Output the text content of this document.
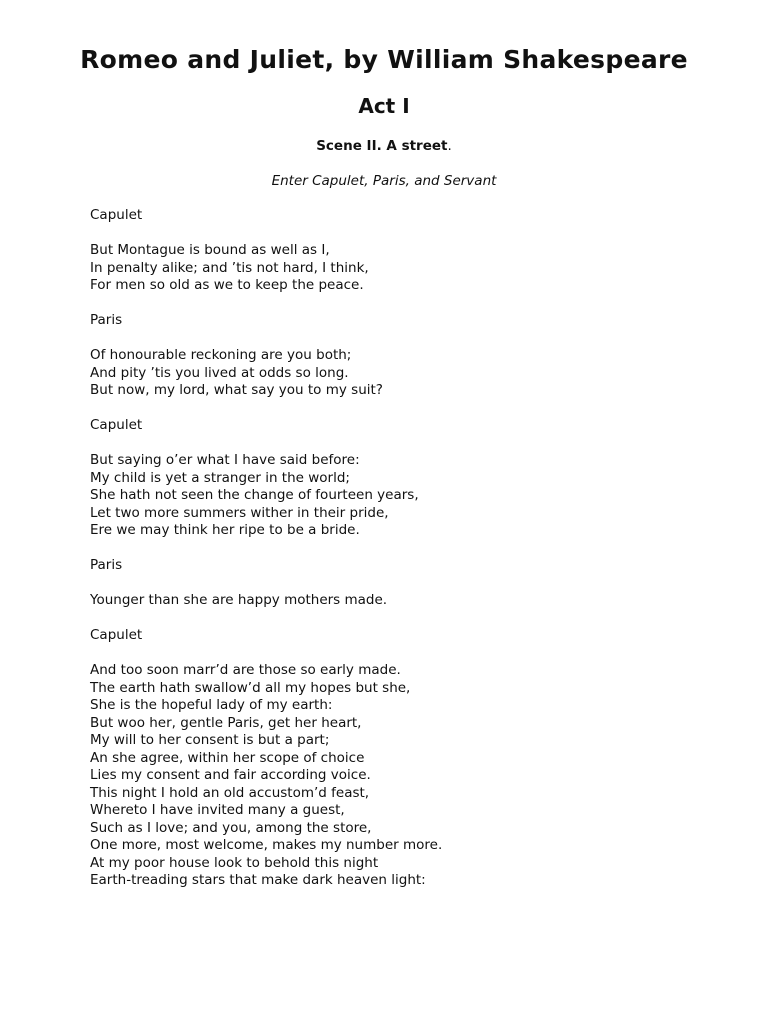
Romeo and Juliet, by William Shakespeare
Act I

Scene II. A street.

Enter Capulet, Paris, and Servant

Capulet

But Montague is bound as well as I,
In penalty alike; and ’tis not hard, I think,
For men so old as we to keep the peace.

Paris

Of honourable reckoning are you both;
And pity ’tis you lived at odds so long.
But now, my lord, what say you to my suit?

Capulet

But saying o’er what I have said before:
My child is yet a stranger in the world;
She hath not seen the change of fourteen years,
Let two more summers wither in their pride,
Ere we may think her ripe to be a bride.

Paris

Younger than she are happy mothers made.

Capulet

And too soon marr’d are those so early made.
The earth hath swallow’d all my hopes but she,
She is the hopeful lady of my earth:
But woo her, gentle Paris, get her heart,
My will to her consent is but a part;
An she agree, within her scope of choice
Lies my consent and fair according voice.
This night I hold an old accustom’d feast,
Whereto I have invited many a guest,
Such as I love; and you, among the store,
One more, most welcome, makes my number more.
At my poor house look to behold this night
Earth-treading stars that make dark heaven light:
